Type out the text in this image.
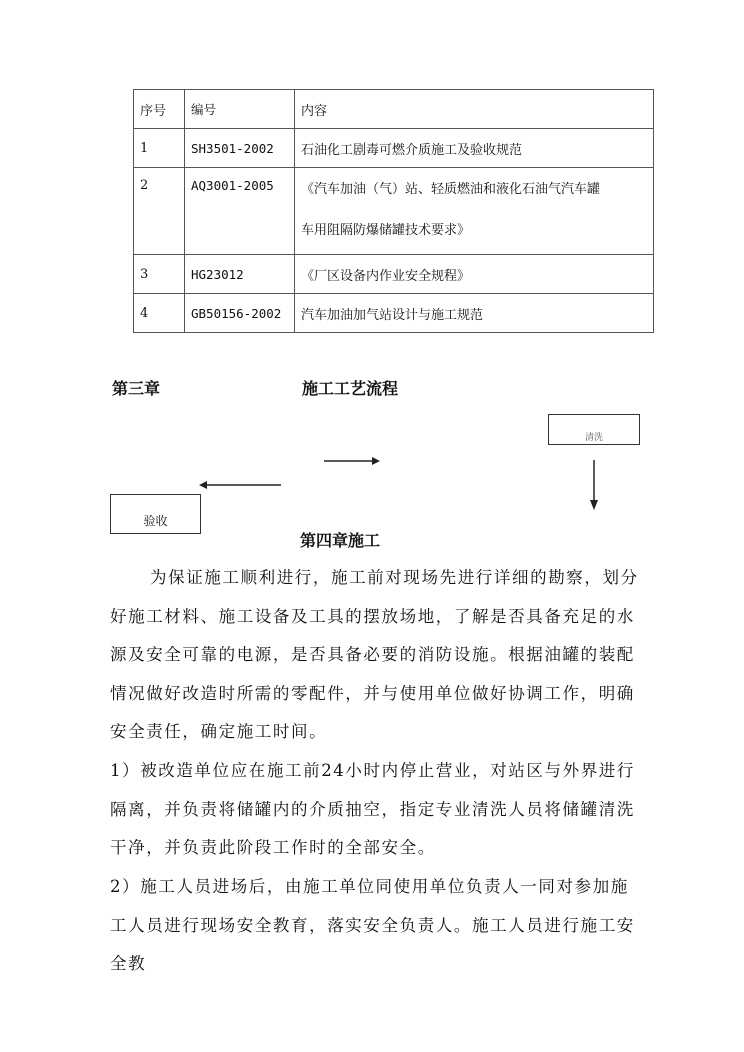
序号	编号	内容
1	SH3501-2002	石油化工剧毒可燃介质施工及验收规范
2	AQ3001-2005	《汽车加油（气）站、轻质燃油和液化石油气汽车罐
车用阻隔防爆储罐技术要求》

3	HG23012	《厂区设备内作业安全规程》
4	GB50156-2002	汽车加油加气站设计与施工规范
第三章	施工工艺流程
清洗
验收
第四章施工
为保证施工顺利进行，施工前对现场先进行详细的勘察，划分好施工材料、施工设备及工具的摆放场地，了解是否具备充足的水源及安全可靠的电源，是否具备必要的消防设施。根据油罐的装配情况做好改造时所需的零配件，并与使用单位做好协调工作，明确安全责任，确定施工时间。
1）被改造单位应在施工前24小时内停止营业，对站区与外界进行隔离，并负责将储罐内的介质抽空，指定专业清洗人员将储罐清洗干净，并负责此阶段工作时的全部安全。
2）施工人员进场后，由施工单位同使用单位负责人一同对参加施工人员进行现场安全教育，落实安全负责人。施工人员进行施工安全教
